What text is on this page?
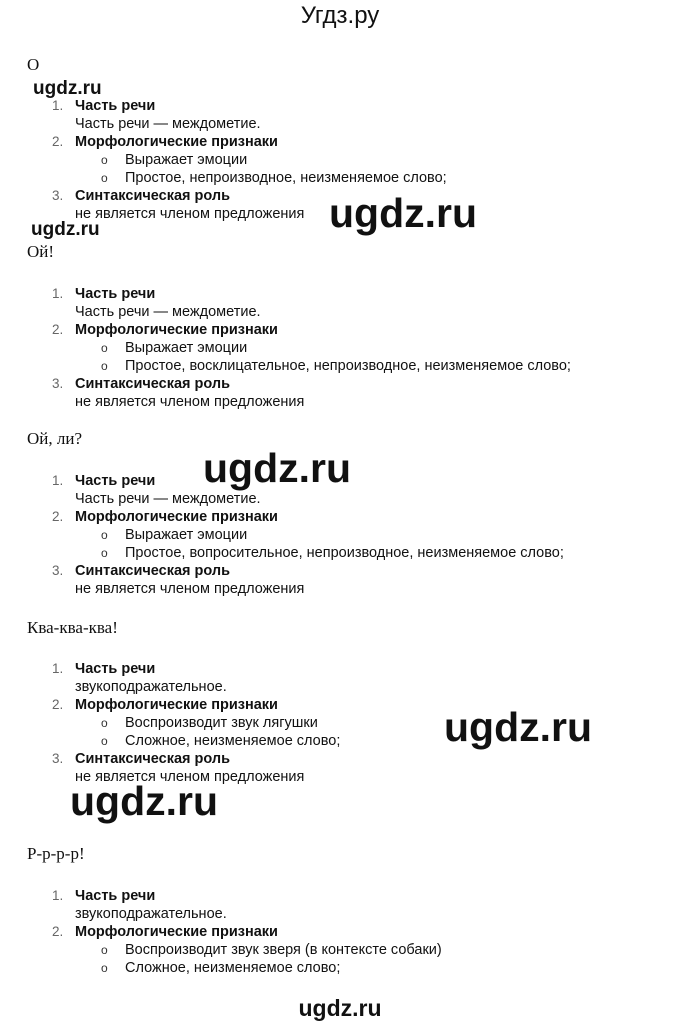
Угдз.ру
О
ugdz.ru
1. Часть речи
Часть речи — междометие.
2. Морфологические признаки
o Выражает эмоции
o Простое, непроизводное, неизменяемое слово;
3. Синтаксическая роль
не является членом предложения
ugdz.ru	ugdz.ru
Ой!
1. Часть речи
Часть речи — междометие.
2. Морфологические признаки
o Выражает эмоции
o Простое, восклицательное, непроизводное, неизменяемое слово;
3. Синтаксическая роль
не является членом предложения
Ой, ли?
ugdz.ru
1. Часть речи
Часть речи — междометие.
2. Морфологические признаки
o Выражает эмоции
o Простое, вопросительное, непроизводное, неизменяемое слово;
3. Синтаксическая роль
не является членом предложения
Ква-ква-ква!
1. Часть речи
звукоподражательное.
2. Морфологические признаки
o Воспроизводит звук лягушки
o Сложное, неизменяемое слово;
3. Синтаксическая роль
не является членом предложения
ugdz.ru
ugdz.ru
Р-р-р-р!
1. Часть речи
звукоподражательное.
2. Морфологические признаки
o Воспроизводит звук зверя (в контексте собаки)
o Сложное, неизменяемое слово;
ugdz.ru
